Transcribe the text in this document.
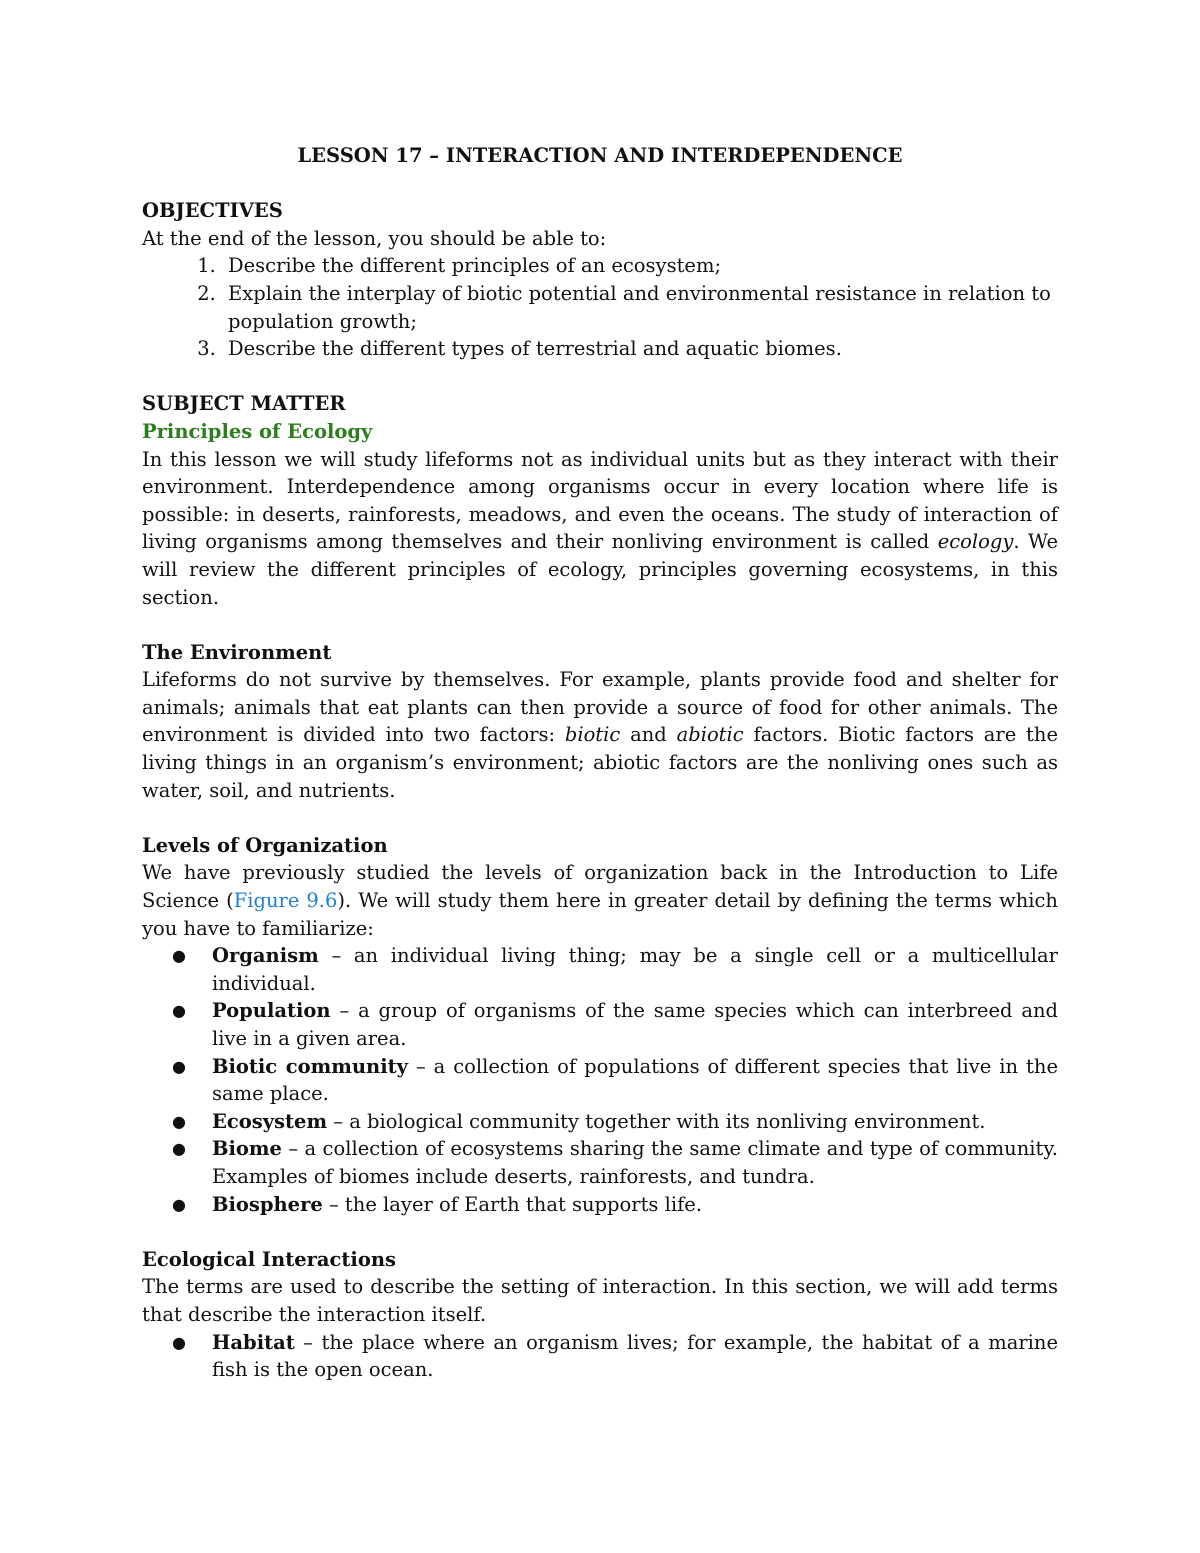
LESSON 17 – INTERACTION AND INTERDEPENDENCE

OBJECTIVES

At the end of the lesson, you should be able to:

1. Describe the different principles of an ecosystem;
2. Explain the interplay of biotic potential and environmental resistance in relation to population growth;
3. Describe the different types of terrestrial and aquatic biomes.

SUBJECT MATTER

Principles of Ecology

In this lesson we will study lifeforms not as individual units but as they interact with their environment. Interdependence among organisms occur in every location where life is possible: in deserts, rainforests, meadows, and even the oceans. The study of interaction of living organisms among themselves and their nonliving environment is called ecology. We will review the different principles of ecology, principles governing ecosystems, in this section.

The Environment

Lifeforms do not survive by themselves. For example, plants provide food and shelter for animals; animals that eat plants can then provide a source of food for other animals. The environment is divided into two factors: biotic and abiotic factors. Biotic factors are the living things in an organism’s environment; abiotic factors are the nonliving ones such as water, soil, and nutrients.

Levels of Organization

We have previously studied the levels of organization back in the Introduction to Life Science (Figure 9.6). We will study them here in greater detail by defining the terms which you have to familiarize:

●	Organism – an individual living thing; may be a single cell or a multicellular individual.
●	Population – a group of organisms of the same species which can interbreed and live in a given area.
●	Biotic community – a collection of populations of different species that live in the same place.
●	Ecosystem – a biological community together with its nonliving environment.
●	Biome – a collection of ecosystems sharing the same climate and type of community. Examples of biomes include deserts, rainforests, and tundra.
●	Biosphere – the layer of Earth that supports life.

Ecological Interactions

The terms are used to describe the setting of interaction. In this section, we will add terms that describe the interaction itself.

●	Habitat – the place where an organism lives; for example, the habitat of a marine fish is the open ocean.
